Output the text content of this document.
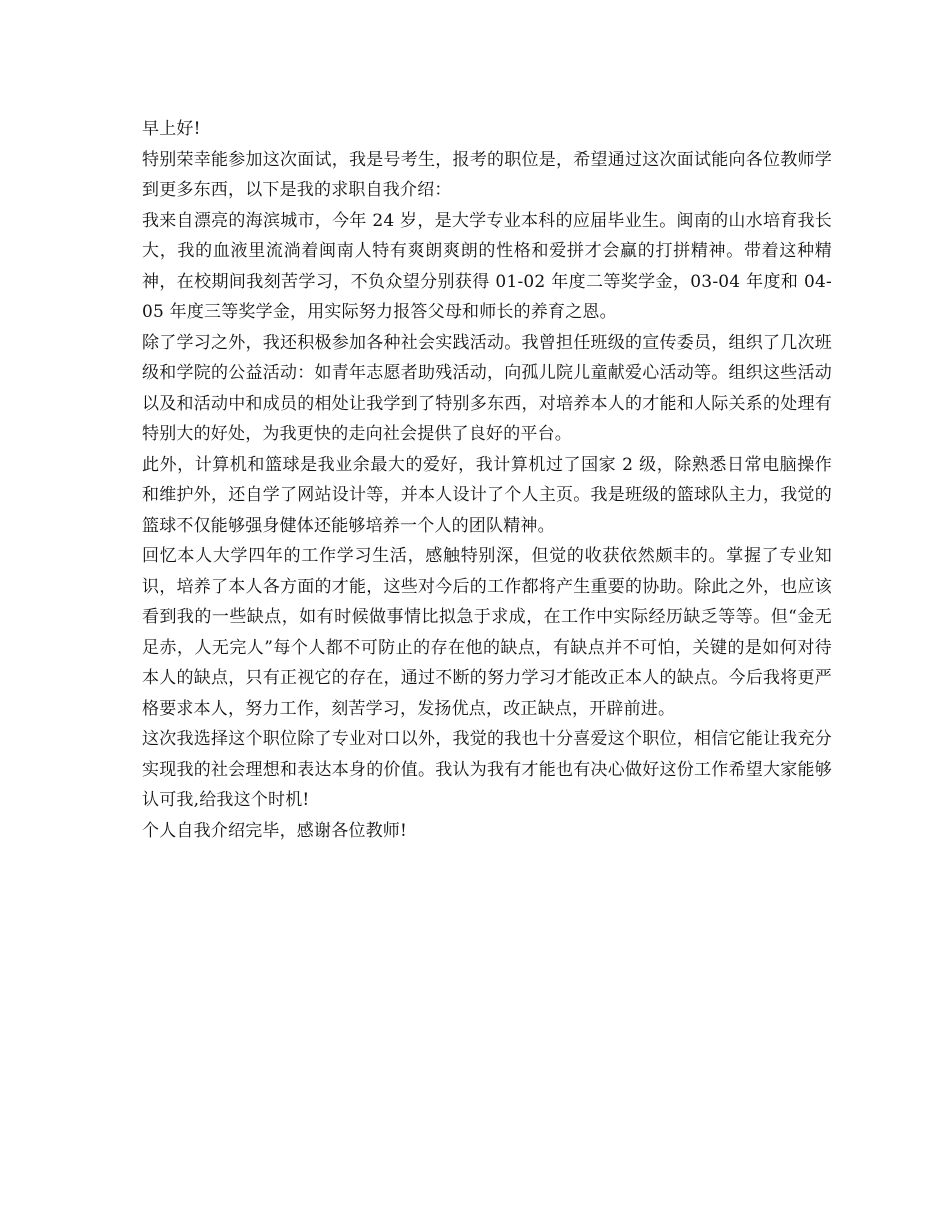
早上好!

特别荣幸能参加这次面试，我是号考生，报考的职位是，希望通过这次面试能向各位教师学到更多东西，以下是我的求职自我介绍：

我来自漂亮的海滨城市，今年 24 岁，是大学专业本科的应届毕业生。闽南的山水培育我长大，我的血液里流淌着闽南人特有爽朗爽朗的性格和爱拼才会赢的打拼精神。带着这种精神，在校期间我刻苦学习，不负众望分别获得 01-02 年度二等奖学金，03-04 年度和 04-05 年度三等奖学金，用实际努力报答父母和师长的养育之恩。

除了学习之外，我还积极参加各种社会实践活动。我曾担任班级的宣传委员，组织了几次班级和学院的公益活动：如青年志愿者助残活动，向孤儿院儿童献爱心活动等。组织这些活动以及和活动中和成员的相处让我学到了特别多东西，对培养本人的才能和人际关系的处理有特别大的好处，为我更快的走向社会提供了良好的平台。

此外，计算机和篮球是我业余最大的爱好，我计算机过了国家 2 级，除熟悉日常电脑操作和维护外，还自学了网站设计等，并本人设计了个人主页。我是班级的篮球队主力，我觉的篮球不仅能够强身健体还能够培养一个人的团队精神。

回忆本人大学四年的工作学习生活，感触特别深，但觉的收获依然颇丰的。掌握了专业知识，培养了本人各方面的才能，这些对今后的工作都将产生重要的协助。除此之外，也应该看到我的一些缺点，如有时候做事情比拟急于求成，在工作中实际经历缺乏等等。但“金无足赤，人无完人”每个人都不可防止的存在他的缺点，有缺点并不可怕，关键的是如何对待本人的缺点，只有正视它的存在，通过不断的努力学习才能改正本人的缺点。今后我将更严格要求本人，努力工作，刻苦学习，发扬优点，改正缺点，开辟前进。

这次我选择这个职位除了专业对口以外，我觉的我也十分喜爱这个职位，相信它能让我充分实现我的社会理想和表达本身的价值。我认为我有才能也有决心做好这份工作希望大家能够认可我,给我这个时机!

个人自我介绍完毕，感谢各位教师!
